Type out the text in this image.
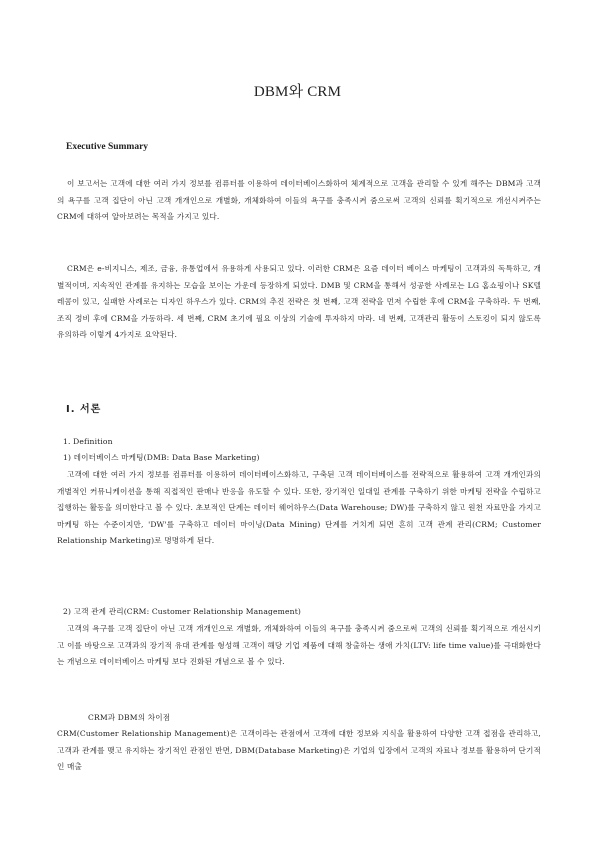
DBM와 CRM
Executive Summary
이 보고서는 고객에 대한 여러 가지 정보를 컴퓨터를 이용하여 데이터베이스화하여 체계적으로 고객을 관리할 수 있게 해주는 DBM과 고객의 욕구를 고객 집단이 아닌 고객 개개인으로 개별화, 개체화하여 이들의 욕구를 충족시켜 줌으로써 고객의 신뢰를 획기적으로 개선시켜주는 CRM에 대하여 알아보려는 목적을 가지고 있다.
CRM은 e-비지니스, 제조, 금융, 유통업에서 유용하게 사용되고 있다. 이러한 CRM은 요즘 데이터 베이스 마케팅이 고객과의 독특하고, 개별적이며, 지속적인 관계를 유지하는 모습을 보이는 가운데 등장하게 되었다. DMB 및 CRM을 통해서 성공한 사례로는 LG 홈쇼핑이나 SK텔레콤이 있고, 실패한 사례로는 디자인 하우스가 있다. CRM의 추진 전략은 첫 번째, 고객 전략을 먼저 수립한 후에 CRM을 구축하라. 두 번째, 조직 정비 후에 CRM을 가동하라. 세 번째, CRM 초기에 필요 이상의 기술에 투자하지 마라. 네 번째, 고객관리 활동이 스토킹이 되지 않도록 유의하라 이렇게 4가지로 요약된다.
Ⅰ. 서론
1. Definition
1) 데이터베이스 마케팅(DMB: Data Base Marketing)
고객에 대한 여러 가지 정보를 컴퓨터를 이용하여 데이터베이스화하고, 구축된 고객 데이터베이스를 전략적으로 활용하여 고객 개개인과의 개별적인 커뮤니케이션을 통해 직접적인 판매나 반응을 유도할 수 있다. 또한, 장기적인 일대일 관계를 구축하기 위한 마케팅 전략을 수립하고 집행하는 활동을 의미한다고 볼 수 있다. 초보적인 단계는 데이터 웨어하우스(Data Warehouse; DW)를 구축하지 않고 원천 자료만을 가지고 마케팅 하는 수준이지만, 'DW'를 구축하고 데이터 마이닝(Data Mining) 단계를 거치게 되면 흔히 고객 관계 관리(CRM; Customer Relationship Marketing)로 명명하게 된다.
2) 고객 관계 관리(CRM: Customer Relationship Management)
고객의 욕구를 고객 집단이 아닌 고객 개개인으로 개별화, 개체화하여 이들의 욕구를 충족시켜 줌으로써 고객의 신뢰를 획기적으로 개선시키고 이를 바탕으로 고객과의 장기적 유대 관계를 형성해 고객이 해당 기업 제품에 대해 창출하는 생애 가치(LTV: life time value)를 극대화한다는 개념으로 데이터베이스 마케팅 보다 진화된 개념으로 볼 수 있다.
CRM과 DBM의 차이점
CRM(Customer Relationship Management)은 고객이라는 관점에서 고객에 대한 정보와 지식을 활용하여 다양한 고객 접점을 관리하고, 고객과 관계를 맺고 유지하는 장기적인 관점인 반면, DBM(Database Marketing)은 기업의 입장에서 고객의 자료나 정보를 활용하여 단기적인 매출
